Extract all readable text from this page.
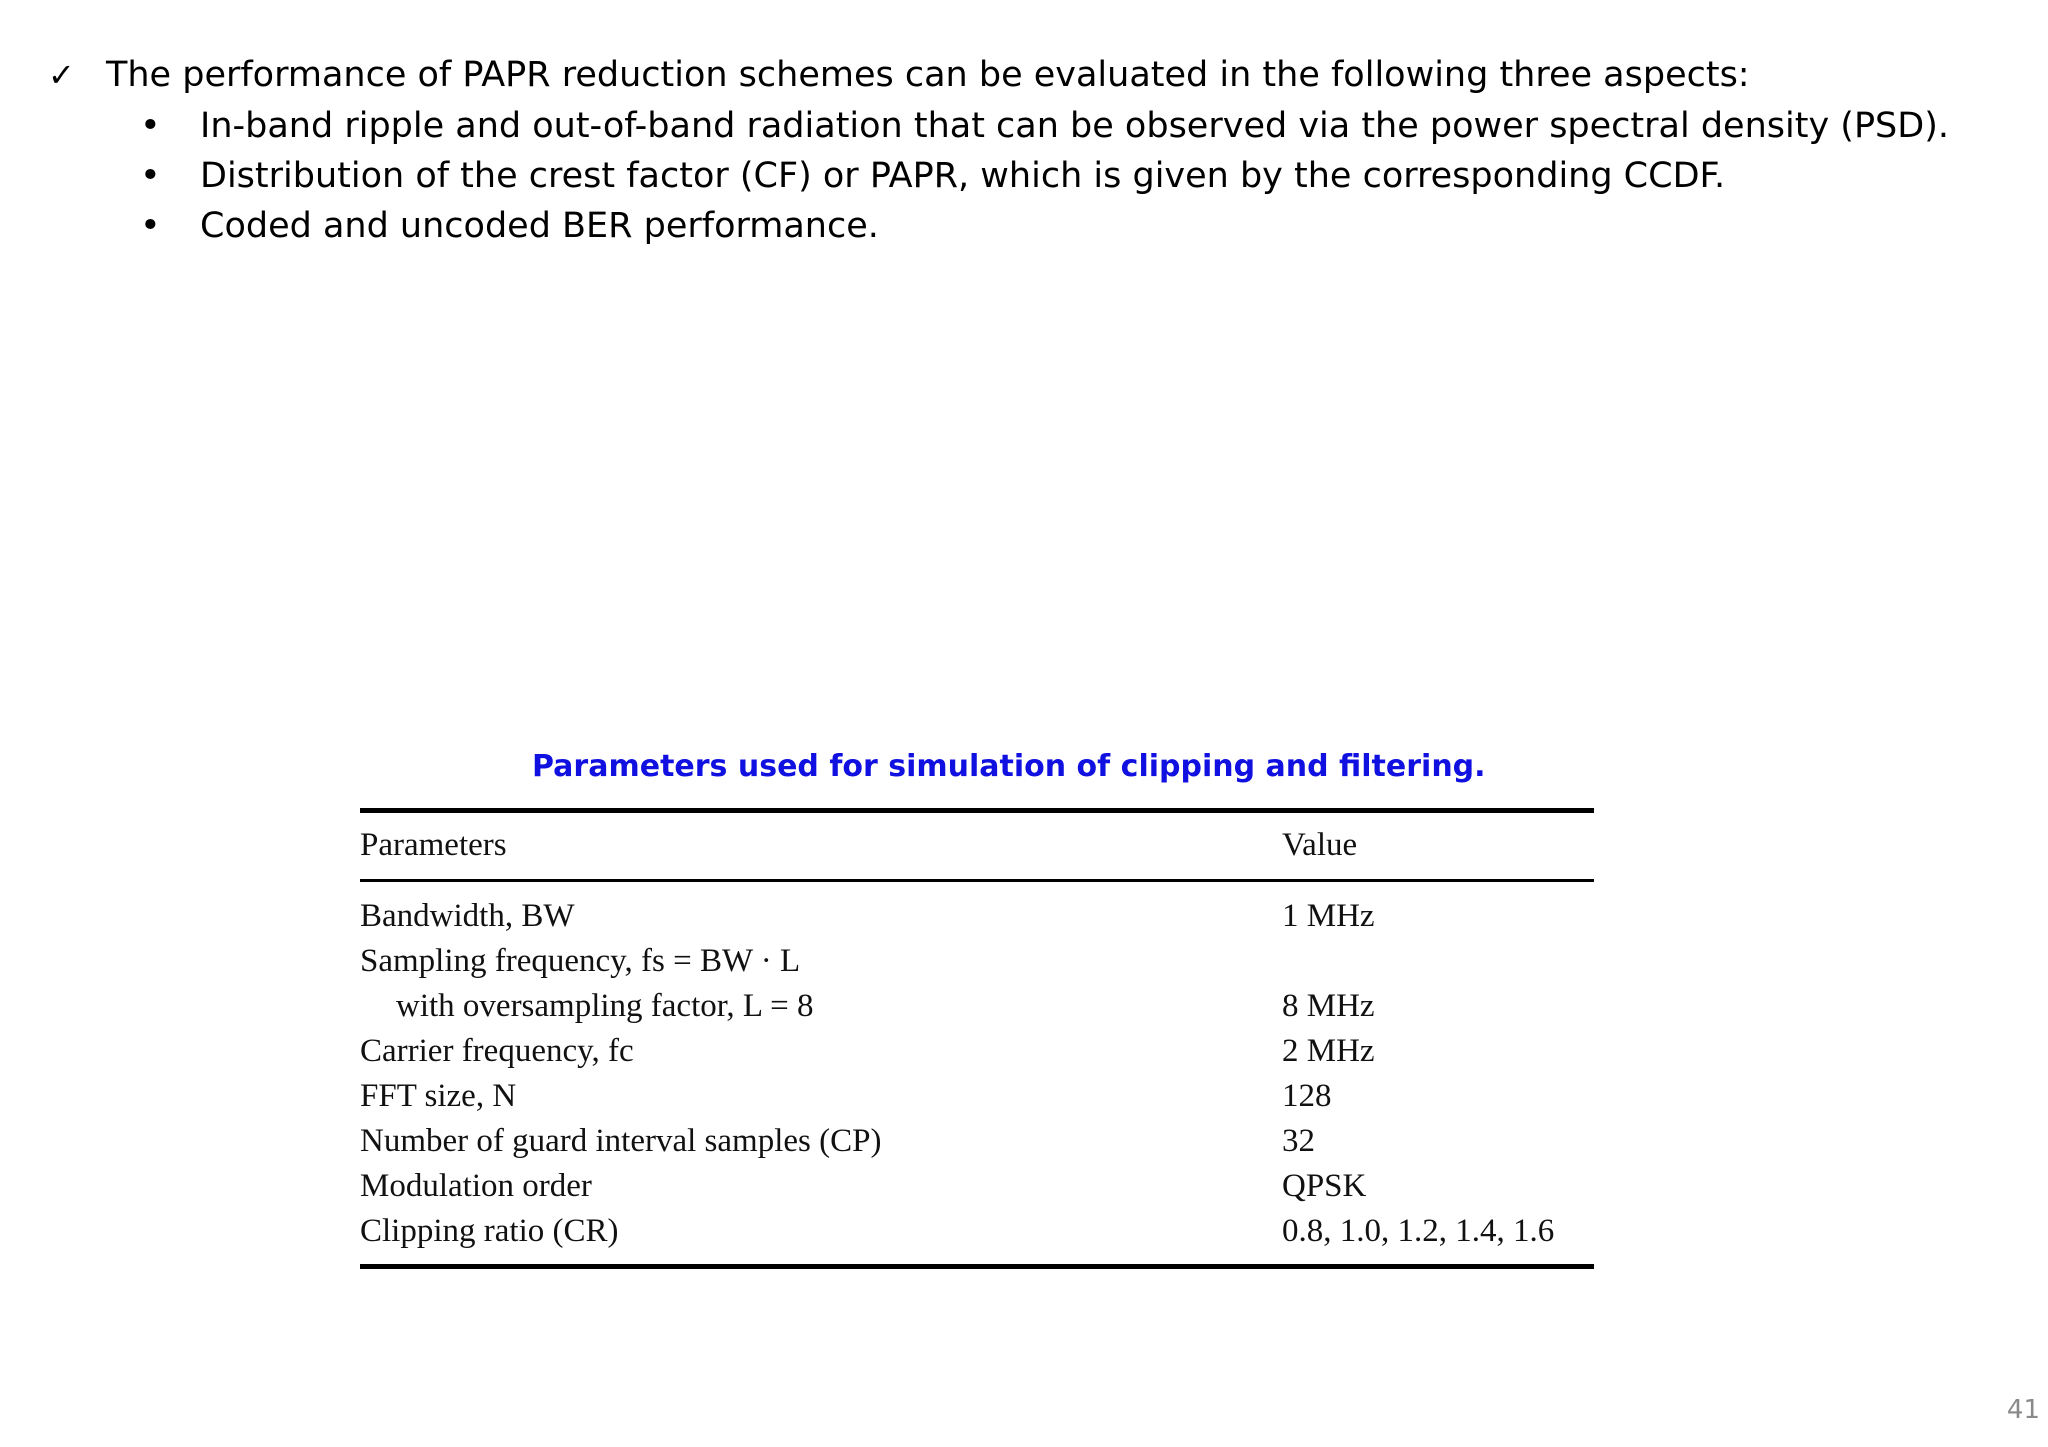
✓ The performance of PAPR reduction schemes can be evaluated in the following three aspects:
• In-band ripple and out-of-band radiation that can be observed via the power spectral density (PSD).
• Distribution of the crest factor (CF) or PAPR, which is given by the corresponding CCDF.
• Coded and uncoded BER performance.
Parameters used for simulation of clipping and filtering.
Parameters	Value
Bandwidth, BW	1 MHz
Sampling frequency, fs = BW · L	
with oversampling factor, L = 8	8 MHz
Carrier frequency, fc	2 MHz
FFT size, N	128
Number of guard interval samples (CP)	32
Modulation order	QPSK
Clipping ratio (CR)	0.8, 1.0, 1.2, 1.4, 1.6
41
